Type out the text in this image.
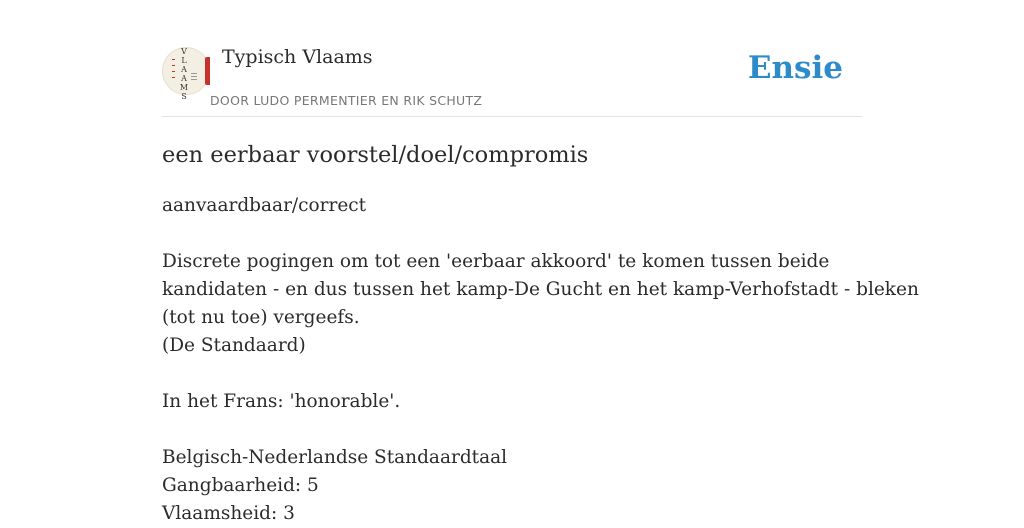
V
L
A
A
M
S
Typisch Vlaams
DOOR LUDO PERMENTIER EN RIK SCHUTZ
Ensie
een eerbaar voorstel/doel/compromis
aanvaardbaar/correct
Discrete pogingen om tot een 'eerbaar akkoord' te komen tussen beide
kandidaten - en dus tussen het kamp-De Gucht en het kamp-Verhofstadt - bleken
(tot nu toe) vergeefs.
(De Standaard)
In het Frans: 'honorable'.
Belgisch-Nederlandse Standaardtaal
Gangbaarheid: 5
Vlaamsheid: 3
